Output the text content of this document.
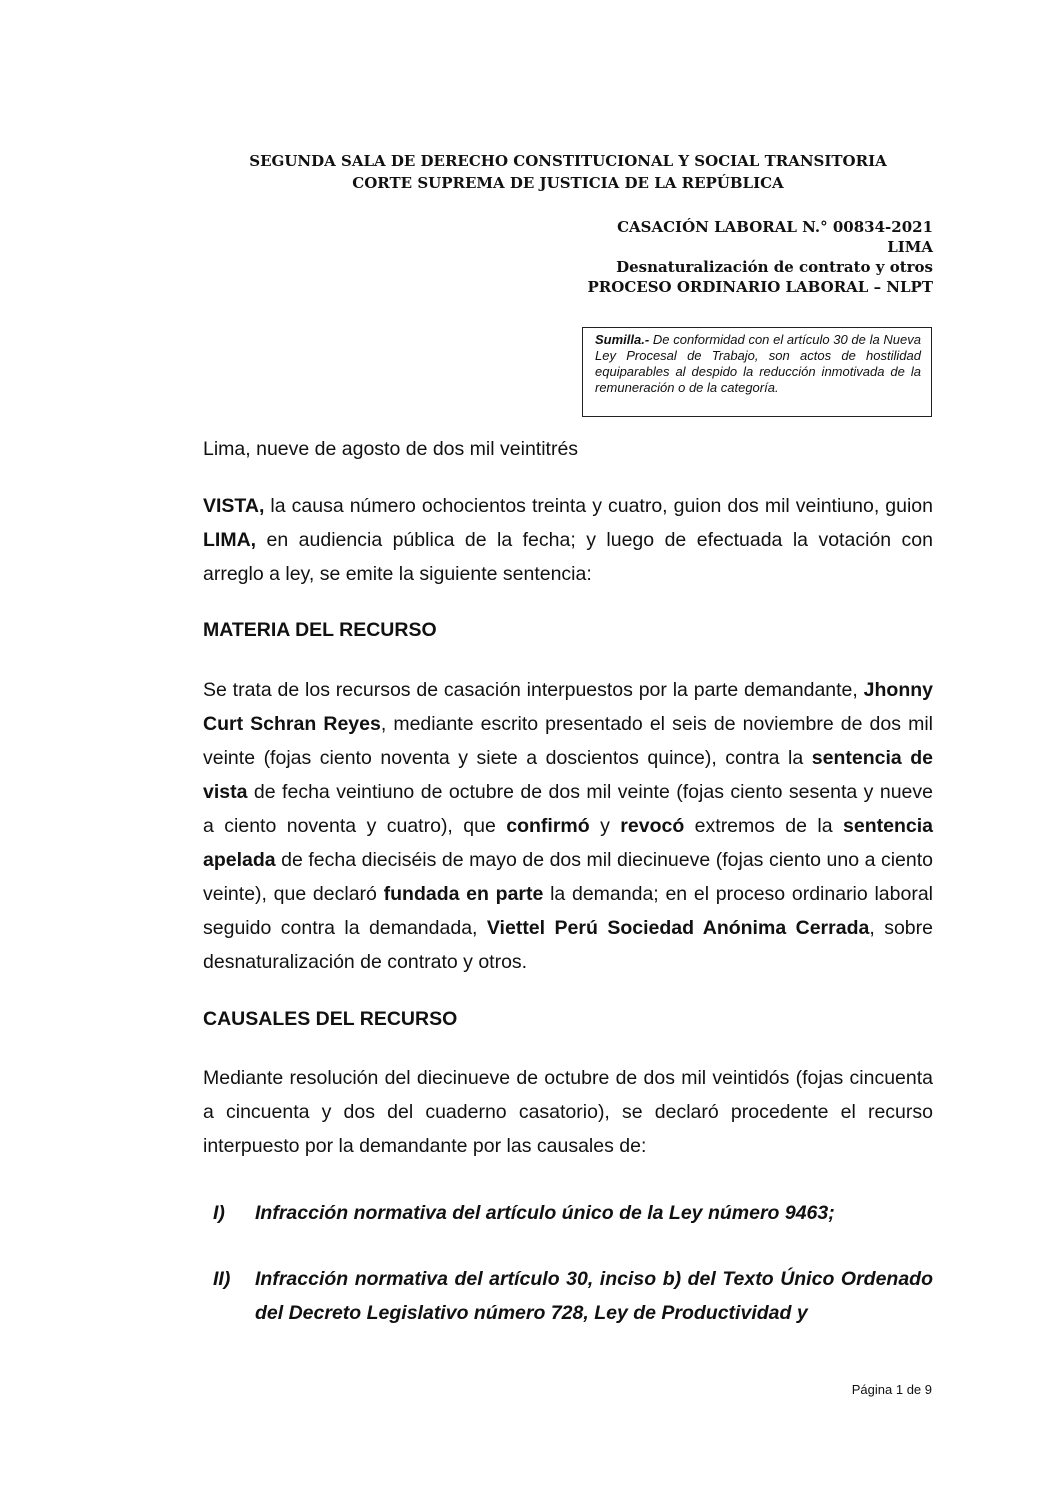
SEGUNDA SALA DE DERECHO CONSTITUCIONAL Y SOCIAL TRANSITORIA
CORTE SUPREMA DE JUSTICIA DE LA REPÚBLICA
CASACIÓN LABORAL N.° 00834-2021
LIMA
Desnaturalización de contrato y otros
PROCESO ORDINARIO LABORAL – NLPT
Sumilla.- De conformidad con el artículo 30 de la Nueva Ley Procesal de Trabajo, son actos de hostilidad equiparables al despido la reducción inmotivada de la remuneración o de la categoría.
Lima, nueve de agosto de dos mil veintitrés
VISTA, la causa número ochocientos treinta y cuatro, guion dos mil veintiuno, guion LIMA, en audiencia pública de la fecha; y luego de efectuada la votación con arreglo a ley, se emite la siguiente sentencia:
MATERIA DEL RECURSO
Se trata de los recursos de casación interpuestos por la parte demandante, Jhonny Curt Schran Reyes, mediante escrito presentado el seis de noviembre de dos mil veinte (fojas ciento noventa y siete a doscientos quince), contra la sentencia de vista de fecha veintiuno de octubre de dos mil veinte (fojas ciento sesenta y nueve a ciento noventa y cuatro), que confirmó y revocó extremos de la sentencia apelada de fecha dieciséis de mayo de dos mil diecinueve (fojas ciento uno a ciento veinte), que declaró fundada en parte la demanda; en el proceso ordinario laboral seguido contra la demandada, Viettel Perú Sociedad Anónima Cerrada, sobre desnaturalización de contrato y otros.
CAUSALES DEL RECURSO
Mediante resolución del diecinueve de octubre de dos mil veintidós (fojas cincuenta a cincuenta y dos del cuaderno casatorio), se declaró procedente el recurso interpuesto por la demandante por las causales de:
I)	Infracción normativa del artículo único de la Ley número 9463;
II)	Infracción normativa del artículo 30, inciso b) del Texto Único Ordenado del Decreto Legislativo número 728, Ley de Productividad y
Página 1 de 9
